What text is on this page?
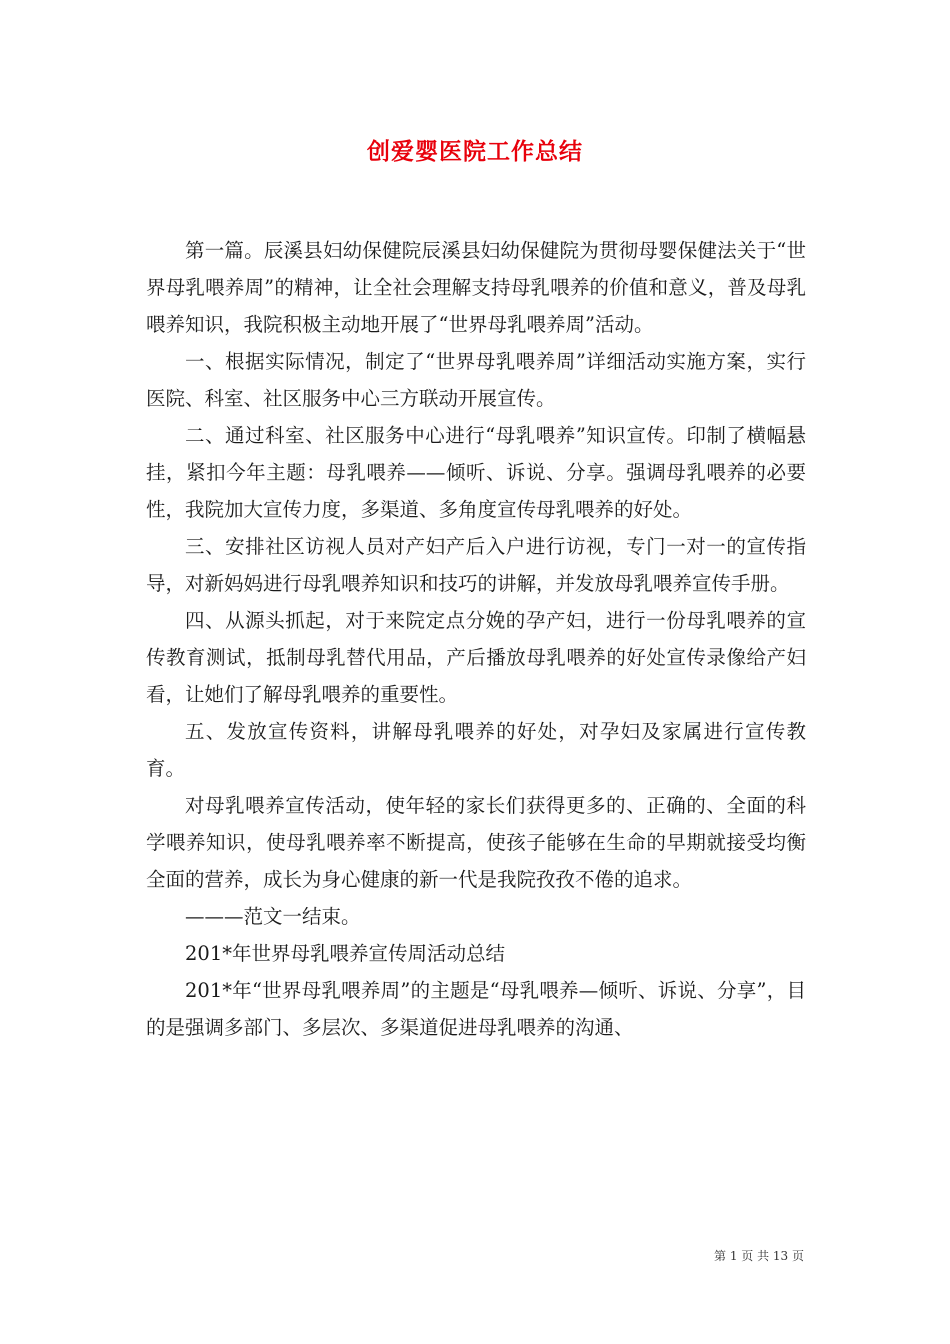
创爱婴医院工作总结

第一篇。辰溪县妇幼保健院辰溪县妇幼保健院为贯彻母婴保健法关于“世界母乳喂养周”的精神，让全社会理解支持母乳喂养的价值和意义，普及母乳喂养知识，我院积极主动地开展了“世界母乳喂养周”活动。

一、根据实际情况，制定了“世界母乳喂养周”详细活动实施方案，实行医院、科室、社区服务中心三方联动开展宣传。

二、通过科室、社区服务中心进行“母乳喂养”知识宣传。印制了横幅悬挂，紧扣今年主题：母乳喂养——倾听、诉说、分享。强调母乳喂养的必要性，我院加大宣传力度，多渠道、多角度宣传母乳喂养的好处。

三、安排社区访视人员对产妇产后入户进行访视，专门一对一的宣传指导，对新妈妈进行母乳喂养知识和技巧的讲解，并发放母乳喂养宣传手册。

四、从源头抓起，对于来院定点分娩的孕产妇，进行一份母乳喂养的宣传教育测试，抵制母乳替代用品，产后播放母乳喂养的好处宣传录像给产妇看，让她们了解母乳喂养的重要性。

五、发放宣传资料，讲解母乳喂养的好处，对孕妇及家属进行宣传教育。

对母乳喂养宣传活动，使年轻的家长们获得更多的、正确的、全面的科学喂养知识，使母乳喂养率不断提高，使孩子能够在生命的早期就接受均衡全面的营养，成长为身心健康的新一代是我院孜孜不倦的追求。

———范文一结束。

201*年世界母乳喂养宣传周活动总结

201*年“世界母乳喂养周”的主题是“母乳喂养—倾听、诉说、分享”，目的是强调多部门、多层次、多渠道促进母乳喂养的沟通、

第 1 页 共 13 页
